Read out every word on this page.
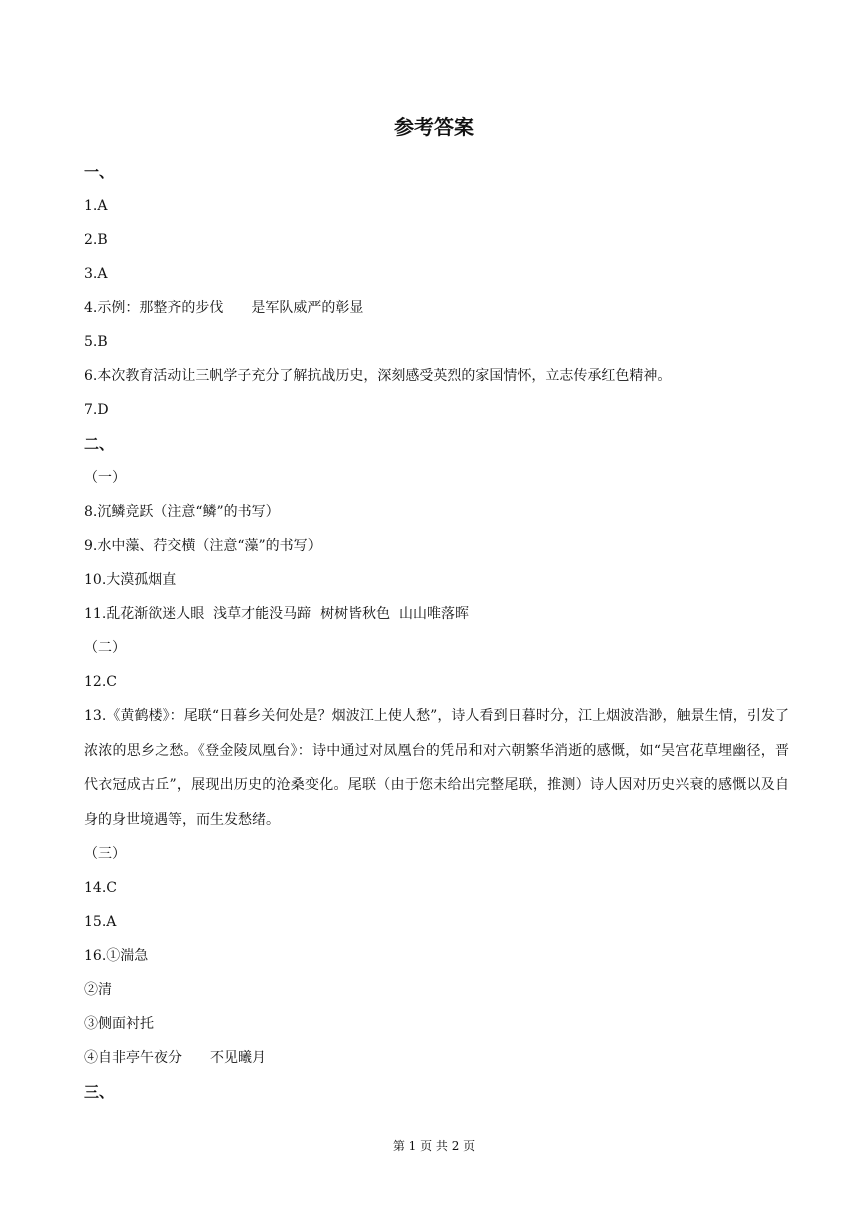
参考答案
一、

1.A

2.B

3.A

4.示例：那整齐的步伐　　是军队威严的彰显

5.B

6.本次教育活动让三帆学子充分了解抗战历史，深刻感受英烈的家国情怀，立志传承红色精神。

7.D

二、
（一）

8.沉鳞竞跃（注意“鳞”的书写）

9.水中藻、荇交横（注意“藻”的书写）

10.大漠孤烟直

11.乱花渐欲迷人眼  浅草才能没马蹄  树树皆秋色  山山唯落晖

（二）

12.C

13.《黄鹤楼》：尾联“日暮乡关何处是？烟波江上使人愁”，诗人看到日暮时分，江上烟波浩渺，触景生情，引发了浓浓的思乡之愁。《登金陵凤凰台》：诗中通过对凤凰台的凭吊和对六朝繁华消逝的感慨，如“吴宫花草埋幽径，晋代衣冠成古丘”，展现出历史的沧桑变化。尾联（由于您未给出完整尾联，推测）诗人因对历史兴衰的感慨以及自身的身世境遇等，而生发愁绪。

（三）

14.C

15.A

16.①湍急

②清

③侧面衬托

④自非亭午夜分　　不见曦月

三、

第 1 页 共 2 页
